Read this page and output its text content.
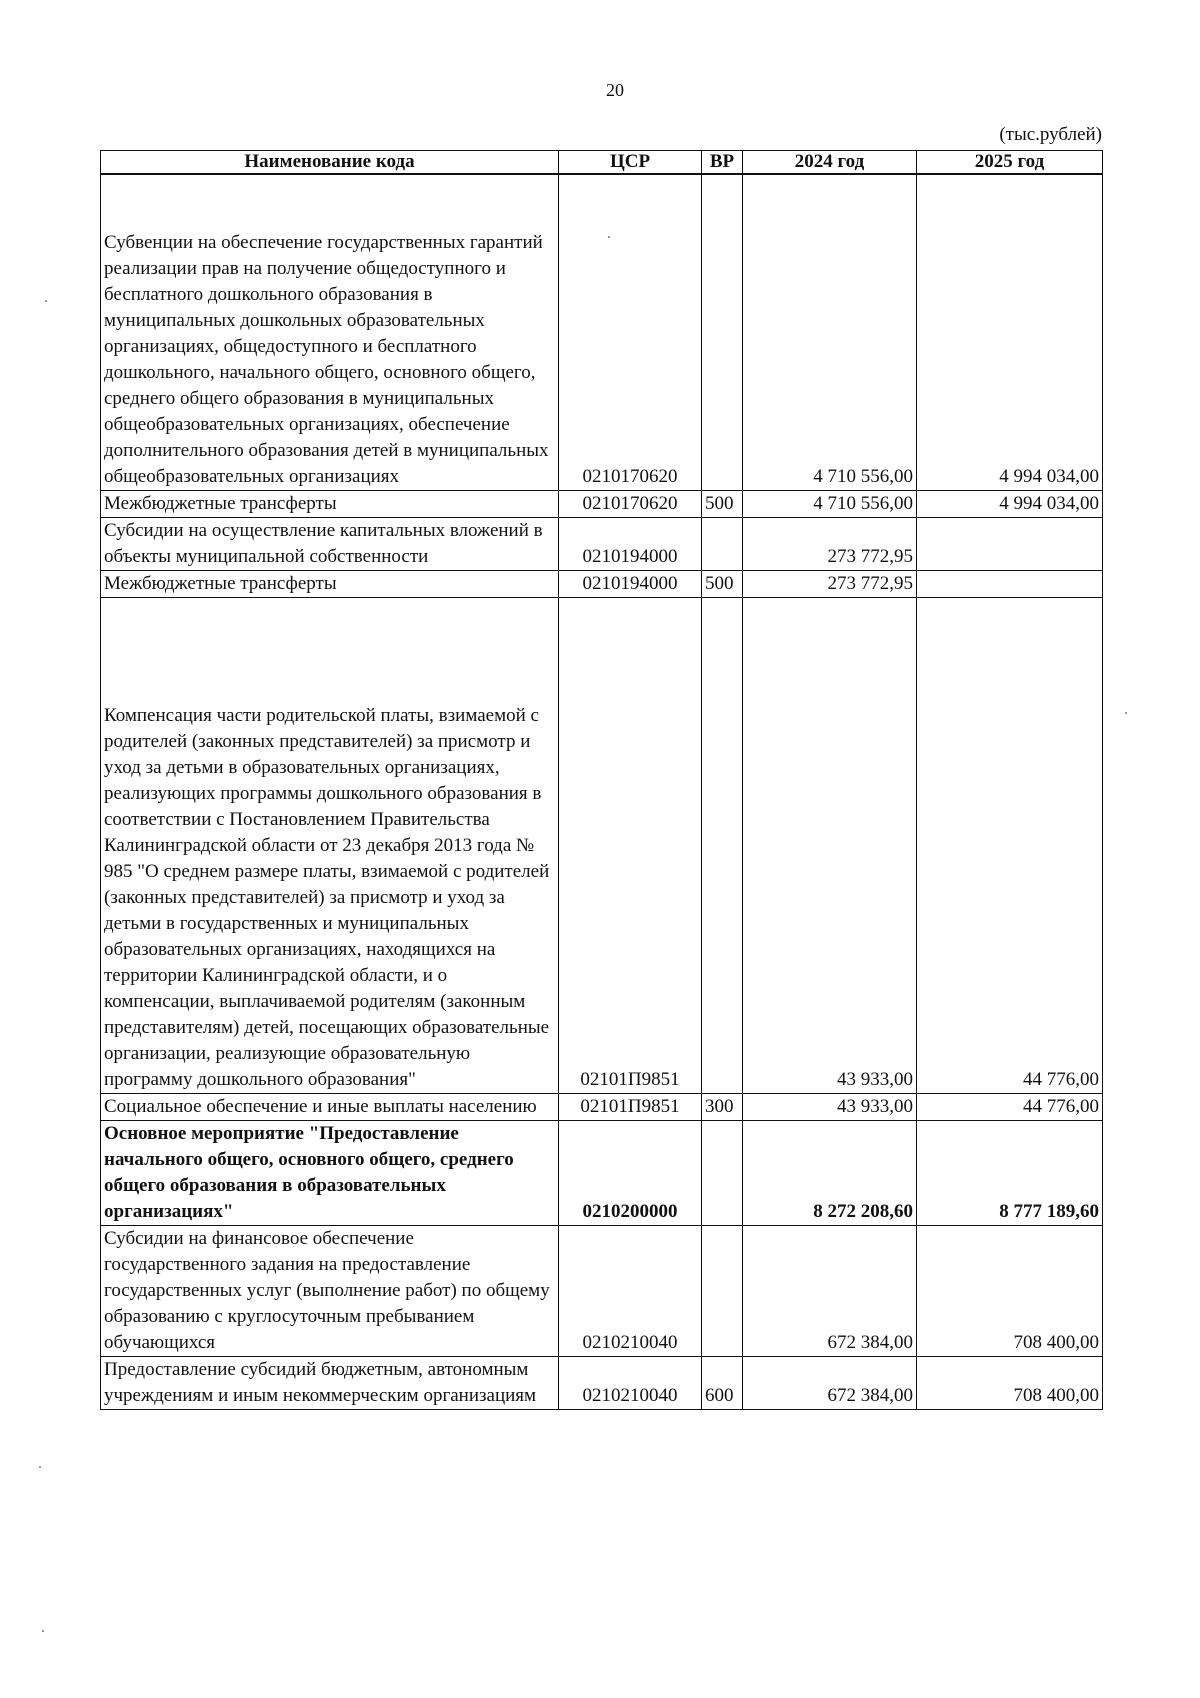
20
(тыс.рублей)
Наименование кода	ЦСР	ВР	2024 год	2025 год
Субвенции на обеспечение государственных гарантий реализации прав на получение общедоступного и бесплатного дошкольного образования в муниципальных дошкольных образовательных организациях, общедоступного и бесплатного дошкольного, начального общего, основного общего, среднего общего образования в муниципальных общеобразовательных организациях, обеспечение дополнительного образования детей в муниципальных общеобразовательных организациях	0210170620		4 710 556,00	4 994 034,00
Межбюджетные трансферты	0210170620	500	4 710 556,00	4 994 034,00
Субсидии на осуществление капитальных вложений в объекты муниципальной собственности	0210194000		273 772,95	
Межбюджетные трансферты	0210194000	500	273 772,95	
Компенсация части родительской платы, взимаемой с родителей (законных представителей) за присмотр и уход за детьми в образовательных организациях, реализующих программы дошкольного образования в соответствии с Постановлением Правительства Калининградской области от 23 декабря 2013 года № 985 "О среднем размере платы, взимаемой с родителей (законных представителей) за присмотр и уход за детьми в государственных и муниципальных образовательных организациях, находящихся на территории Калининградской области, и о компенсации, выплачиваемой родителям (законным представителям) детей, посещающих образовательные организации, реализующие образовательную программу дошкольного образования"	02101П9851		43 933,00	44 776,00
Социальное обеспечение и иные выплаты населению	02101П9851	300	43 933,00	44 776,00
Основное мероприятие "Предоставление начального общего, основного общего, среднего общего образования в образовательных организациях"	0210200000		8 272 208,60	8 777 189,60
Субсидии на финансовое обеспечение государственного задания на предоставление государственных услуг (выполнение работ) по общему образованию с круглосуточным пребыванием обучающихся	0210210040		672 384,00	708 400,00
Предоставление субсидий бюджетным, автономным учреждениям и иным некоммерческим организациям	0210210040	600	672 384,00	708 400,00
